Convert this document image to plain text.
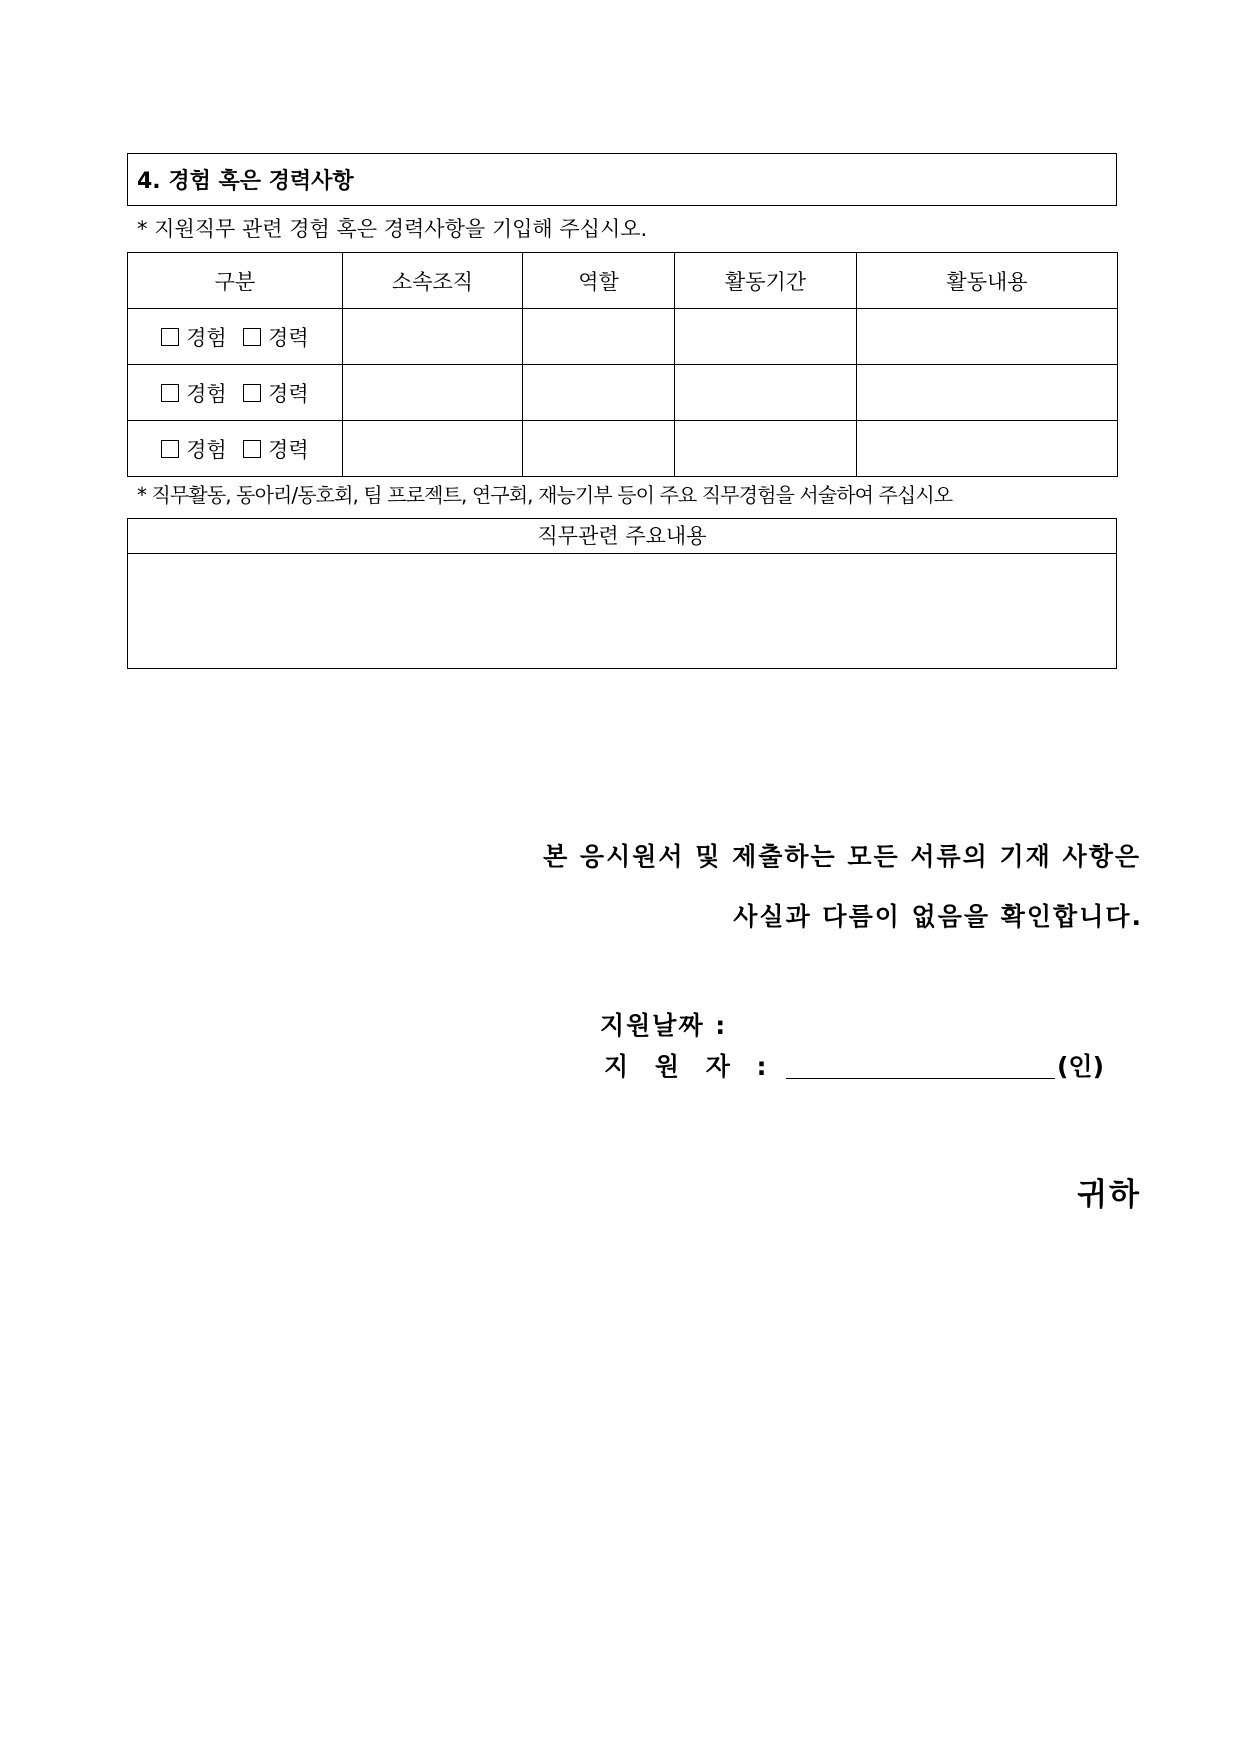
4. 경험 혹은 경력사항
* 지원직무 관련 경험 혹은 경력사항을 기입해 주십시오.
구분	소속조직	역할	활동기간	활동내용
경험 경력				
경험 경력				
경험 경력				
* 직무활동, 동아리/동호회, 팀 프로젝트, 연구회, 재능기부 등이 주요 직무경험을 서술하여 주십시오
직무관련 주요내용
본 응시원서 및 제출하는 모든 서류의 기재 사항은
사실과 다름이 없음을 확인합니다.
지원날짜 :
지 원 자 :	(인)
귀하
